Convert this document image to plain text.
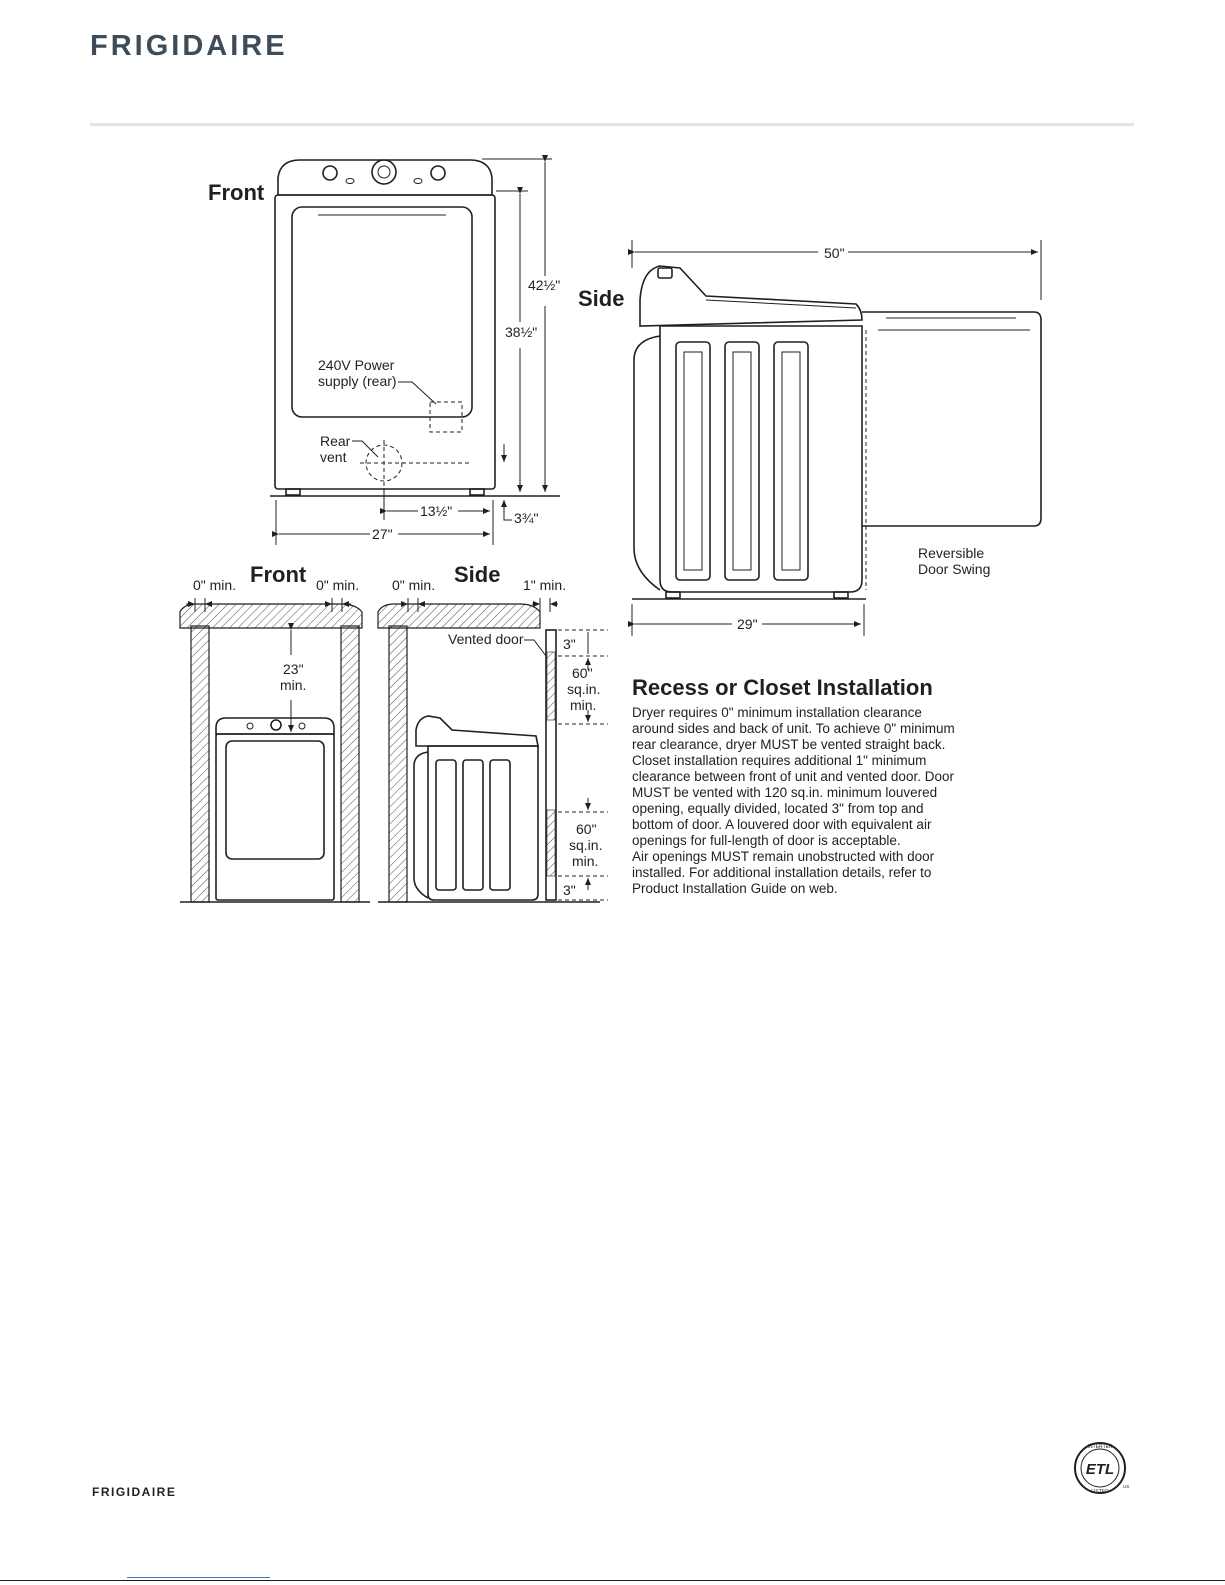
FRIGIDAIRE
Front
42½"
38½"
3¾"
240V Power
supply (rear)
Rear
vent
13½"
27"
Side
Reversible
Door Swing
50"
29"
Front
0" min.	0" min.
23"
min.
Side
0" min.	1" min.
Vented door	3"
60"
sq.in.
min.
60"
sq.in.
min.
3"
Recess or Closet Installation

Dryer requires 0" minimum installation clearance

around sides and back of unit. To achieve 0" minimum

rear clearance, dryer MUST be vented straight back.

Closet installation requires additional 1" minimum

clearance between front of unit and vented door. Door

MUST be vented with 120 sq.in. minimum louvered

opening, equally divided, located 3" from top and

bottom of door. A louvered door with equivalent air

openings for full-length of door is acceptable.

Air openings MUST remain unobstructed with door

installed. For additional installation details, refer to

Product Installation Guide on web.

ETL
INTERTEK
LISTED
US
FRIGIDAIRE
